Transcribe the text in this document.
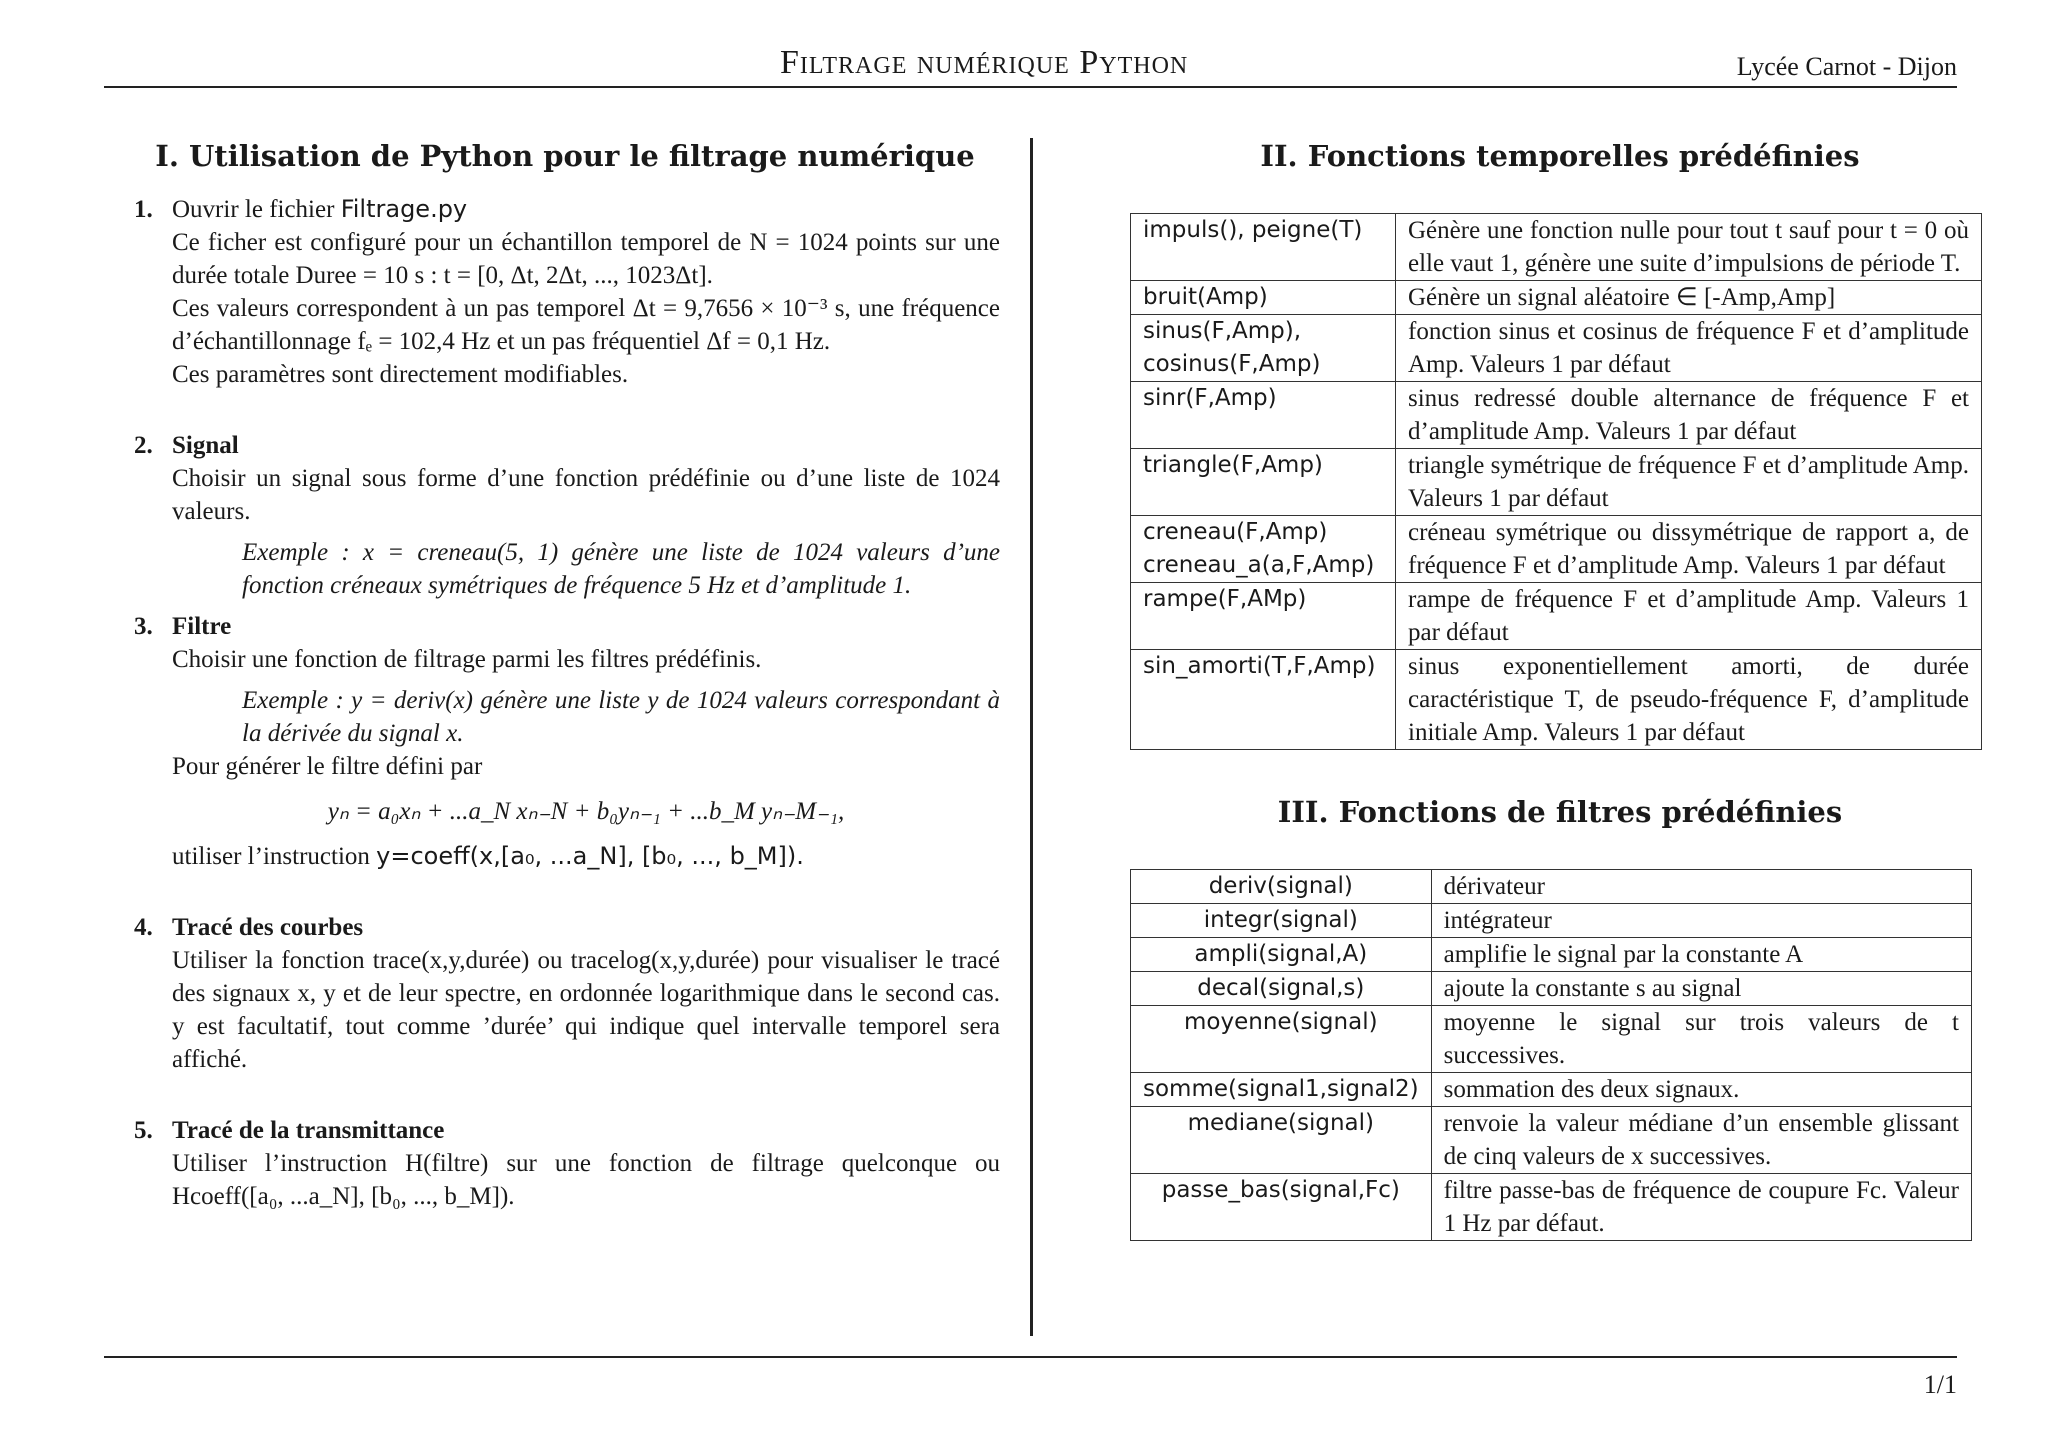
Filtrage numérique Python	Lycée Carnot - Dijon
I. Utilisation de Python pour le filtrage numérique
1. Ouvrir le fichier Filtrage.py

Ce ficher est configuré pour un échantillon temporel de N = 1024 points sur une durée totale Duree = 10 s : t = [0, Δt, 2Δt, ..., 1023Δt].

Ces valeurs correspondent à un pas temporel Δt = 9,7656 × 10⁻³ s, une fréquence d’échantillonnage fₑ = 102,4 Hz et un pas fréquentiel Δf = 0,1 Hz.

Ces paramètres sont directement modifiables.

2. Signal

Choisir un signal sous forme d’une fonction prédéfinie ou d’une liste de 1024 valeurs.

Exemple : x = creneau(5, 1) génère une liste de 1024 valeurs d’une fonction créneaux symétriques de fréquence 5 Hz et d’amplitude 1.

3. Filtre

Choisir une fonction de filtrage parmi les filtres prédéfinis.

Exemple : y = deriv(x) génère une liste y de 1024 valeurs correspondant à la dérivée du signal x.

Pour générer le filtre défini par

yₙ = a₀xₙ + ...a_N xₙ₋N + b₀yₙ₋₁ + ...b_M yₙ₋M₋₁,

utiliser l’instruction y=coeff(x,[a₀, ...a_N], [b₀, ..., b_M]).

4. Tracé des courbes

Utiliser la fonction trace(x,y,durée) ou tracelog(x,y,durée) pour visualiser le tracé des signaux x, y et de leur spectre, en ordonnée logarithmique dans le second cas. y est facultatif, tout comme ’durée’ qui indique quel intervalle temporel sera affiché.

5. Tracé de la transmittance

Utiliser l’instruction H(filtre) sur une fonction de filtrage quelconque ou Hcoeff([a₀, ...a_N], [b₀, ..., b_M]).

II. Fonctions temporelles prédéfinies
impuls(), peigne(T)	Génère une fonction nulle pour tout t sauf pour t = 0 où elle vaut 1, génère une suite d’impulsions de période T.
bruit(Amp)	Génère un signal aléatoire ∈ [-Amp,Amp]
sinus(F,Amp), cosinus(F,Amp)	fonction sinus et cosinus de fréquence F et d’amplitude Amp. Valeurs 1 par défaut
sinr(F,Amp)	sinus redressé double alternance de fréquence F et d’amplitude Amp. Valeurs 1 par défaut
triangle(F,Amp)	triangle symétrique de fréquence F et d’amplitude Amp. Valeurs 1 par défaut
creneau(F,Amp) creneau_a(a,F,Amp)	créneau symétrique ou dissymétrique de rapport a, de fréquence F et d’amplitude Amp. Valeurs 1 par défaut
rampe(F,AMp)	rampe de fréquence F et d’amplitude Amp. Valeurs 1 par défaut
sin_amorti(T,F,Amp)	sinus exponentiellement amorti, de durée caractéristique T, de pseudo-fréquence F, d’amplitude initiale Amp. Valeurs 1 par défaut
III. Fonctions de filtres prédéfinies
deriv(signal)	dérivateur
integr(signal)	intégrateur
ampli(signal,A)	amplifie le signal par la constante A
decal(signal,s)	ajoute la constante s au signal
moyenne(signal)	moyenne le signal sur trois valeurs de t successives.
somme(signal1,signal2)	sommation des deux signaux.
mediane(signal)	renvoie la valeur médiane d’un ensemble glissant de cinq valeurs de x successives.
passe_bas(signal,Fc)	filtre passe-bas de fréquence de coupure Fc. Valeur 1 Hz par défaut.
1/1
